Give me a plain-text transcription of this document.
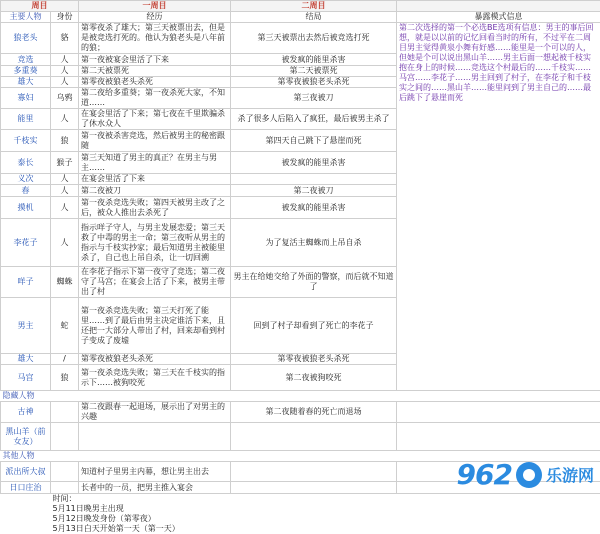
周目		一周目	二周目	
主要人物	身份	经历	结局	暴露模式信息
狼老头	貉	第零夜杀了雄大；第三天被票出去，但是是被竞选打死的。他认为狼老头是八年前的狼；	第三天被票出去然后被竞选打死	第二次选择的第一个必选BE选项有信息：男主的事后回想，就是以以前的记忆回看当时的所有，不过平在二周目男主觉得黄泉小舞有好感……能里是一个可以的人，但她是个可以说出黑山羊……男主后面一想起被千枝实抱在身上的时候……竞选这个村最后的……千枝实……马宫……李花子……男主回到了村子，在李花子和千枝实之间的……黑山羊……能里问到了男主自己的……最后跳下了悬崖而死
竞选	人	第一夜被宴会里活了下来	被发疯的能里杀害	
多重葵	人	第二天被票死	第二天被票死	
雄大	人	第零夜被狼老头杀死	第零夜被狼老头杀死	
寡妇	乌鸦	第二夜给多重葵；第一夜杀死大家，不知道……	第三夜被刀	
能里	人	在宴会里活了下来；第七夜在千里欺骗杀了休水众人	杀了很多人后陷入了疯狂，最后被男主杀了	
千枝实	狼	第一夜被杀害竞选，然后被男主的秘密跟随	第四天自己跳下了悬崖而死	
泰长	猴子	第三天知道了男主的真正？在男主与男主……	被发疯的能里杀害	
义次	人	在宴会里活了下来		
春	人	第二夜被刀	第二夜被刀	
摸机	人	第一夜杀竞选失败；第四天被男主改了之后，被众人推出去杀死了	被发疯的能里杀害	
李花子	人	指示咩子守人，与男主发展恋爱；第三天救了中毒的男主一命；第三夜听从男主的指示与千枝实抄家；最后知道男主被能里杀了，自己也上吊自杀，让一切回溯	为了复活主蜘蛛而上吊自杀	
咩子	蜘蛛	在李花子指示下第一夜守了竞选；第二夜守了马宫；在宴会上活了下来，被男主带出了村	男主在给她交给了外面的警察，而后就不知道了	
男主	蛇	第一夜杀竞选失败；第三天打死了能里……到了最后由男主决定谁活下来，且还把一大部分人带出了村，回来却看到村子变成了废墟	回到了村子却看到了死亡的李花子	
雄大	/	第零夜被狼老头杀死	第零夜被狼老头杀死	
马宫	狼	第一夜杀竞选失败；第三天在千枝实的指示下……被狗咬死	第二夜被狗咬死	
隐藏人物				
古神		第二夜跟春一起退场，展示出了对男主的兴趣	第二夜随着春的死亡而退场	
黑山羊（前女友）				
其他人物				
派出所大叔		知道村子里男主内幕，想让男主出去		
日口庄治		长者中的一员，把男主推入宴会		

	时间：
5月11日晚男主出现
5月12日晚发身份（第零夜）
5月13日白天开始第一天（第一天）			
962 乐游网
